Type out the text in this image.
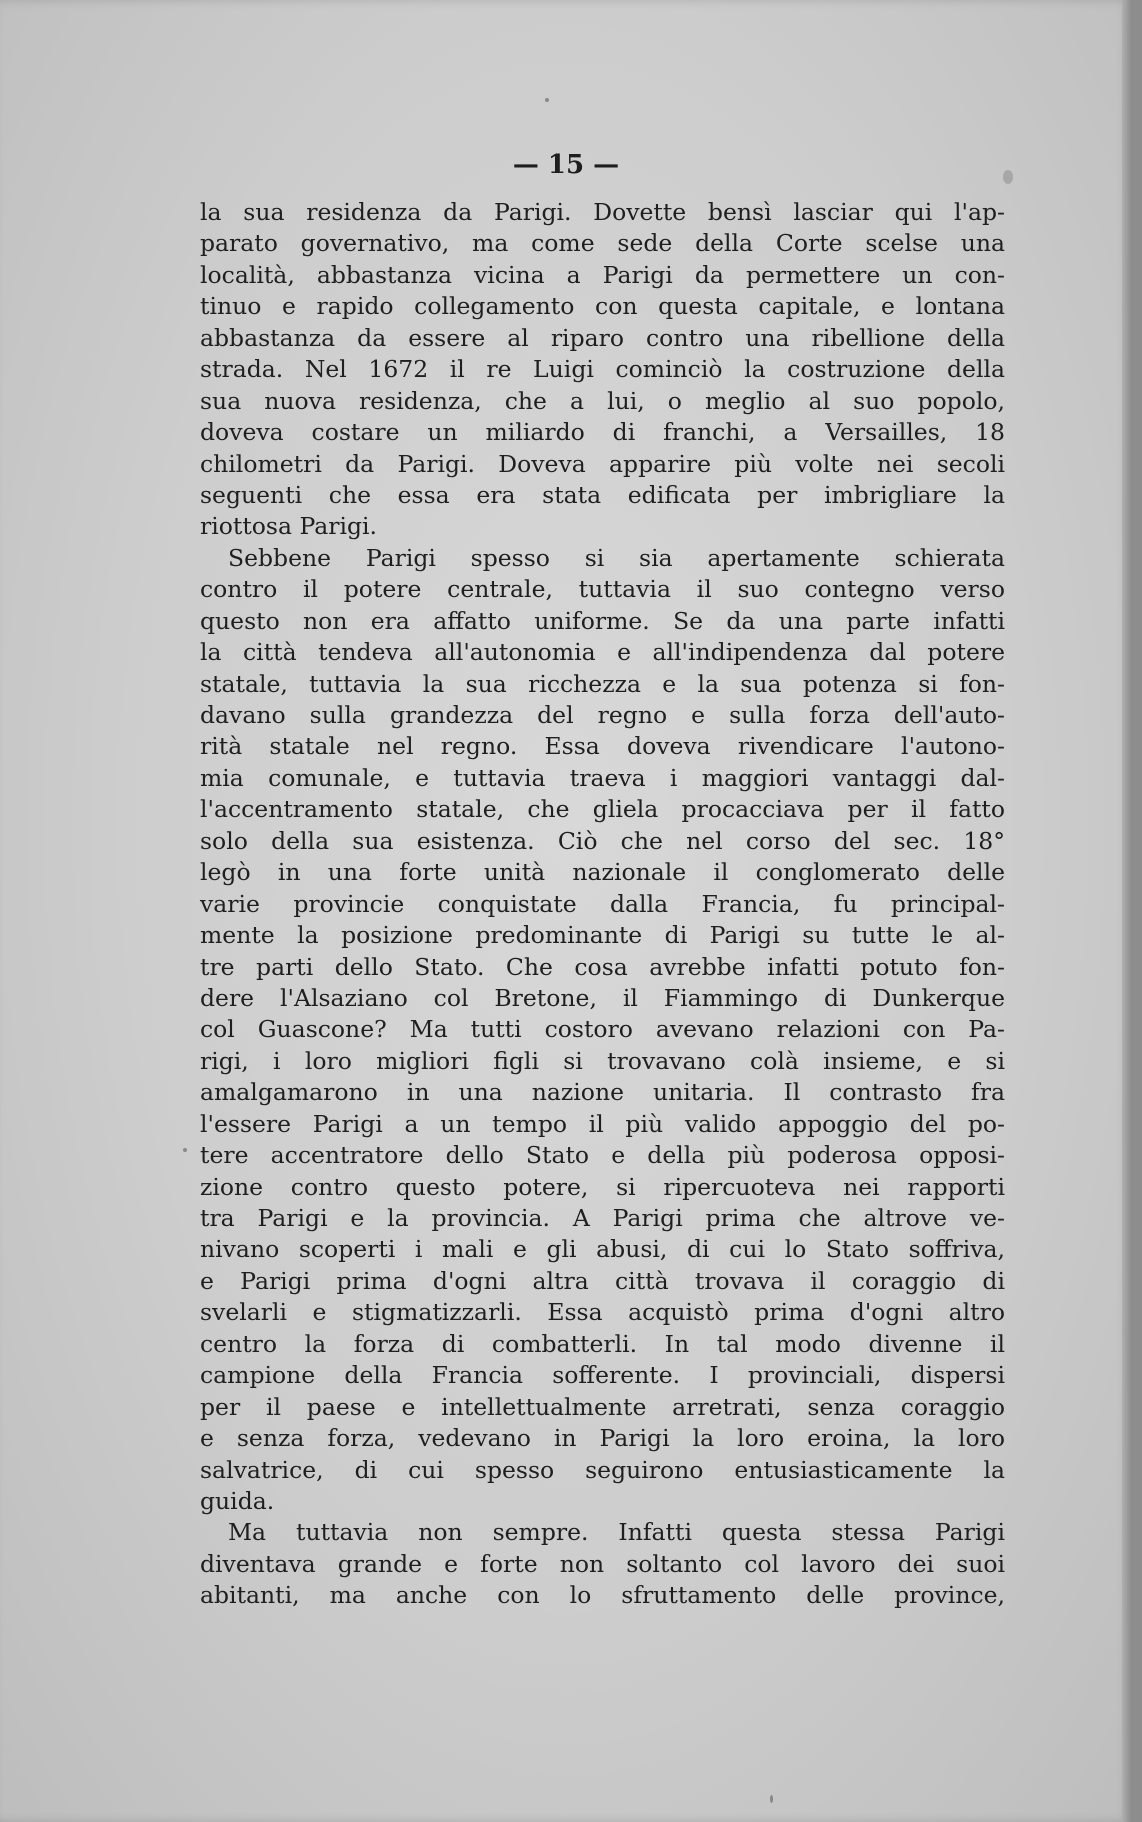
— 15 —
la sua residenza da Parigi. Dovette bensì lasciar qui l'ap-
parato governativo, ma come sede della Corte scelse una
località, abbastanza vicina a Parigi da permettere un con-
tinuo e rapido collegamento con questa capitale, e lontana
abbastanza da essere al riparo contro una ribellione della
strada. Nel 1672 il re Luigi cominciò la costruzione della
sua nuova residenza, che a lui, o meglio al suo popolo,
doveva costare un miliardo di franchi, a Versailles, 18
chilometri da Parigi. Doveva apparire più volte nei secoli
seguenti che essa era stata edificata per imbrigliare la
riottosa Parigi.
Sebbene Parigi spesso si sia apertamente schierata
contro il potere centrale, tuttavia il suo contegno verso
questo non era affatto uniforme. Se da una parte infatti
la città tendeva all'autonomia e all'indipendenza dal potere
statale, tuttavia la sua ricchezza e la sua potenza si fon-
davano sulla grandezza del regno e sulla forza dell'auto-
rità statale nel regno. Essa doveva rivendicare l'autono-
mia comunale, e tuttavia traeva i maggiori vantaggi dal-
l'accentramento statale, che gliela procacciava per il fatto
solo della sua esistenza. Ciò che nel corso del sec. 18°
legò in una forte unità nazionale il conglomerato delle
varie provincie conquistate dalla Francia, fu principal-
mente la posizione predominante di Parigi su tutte le al-
tre parti dello Stato. Che cosa avrebbe infatti potuto fon-
dere l'Alsaziano col Bretone, il Fiammingo di Dunkerque
col Guascone? Ma tutti costoro avevano relazioni con Pa-
rigi, i loro migliori figli si trovavano colà insieme, e si
amalgamarono in una nazione unitaria. Il contrasto fra
l'essere Parigi a un tempo il più valido appoggio del po-
tere accentratore dello Stato e della più poderosa opposi-
zione contro questo potere, si ripercuoteva nei rapporti
tra Parigi e la provincia. A Parigi prima che altrove ve-
nivano scoperti i mali e gli abusi, di cui lo Stato soffriva,
e Parigi prima d'ogni altra città trovava il coraggio di
svelarli e stigmatizzarli. Essa acquistò prima d'ogni altro
centro la forza di combatterli. In tal modo divenne il
campione della Francia sofferente. I provinciali, dispersi
per il paese e intellettualmente arretrati, senza coraggio
e senza forza, vedevano in Parigi la loro eroina, la loro
salvatrice, di cui spesso seguirono entusiasticamente la
guida.
Ma tuttavia non sempre. Infatti questa stessa Parigi
diventava grande e forte non soltanto col lavoro dei suoi
abitanti, ma anche con lo sfruttamento delle province,
